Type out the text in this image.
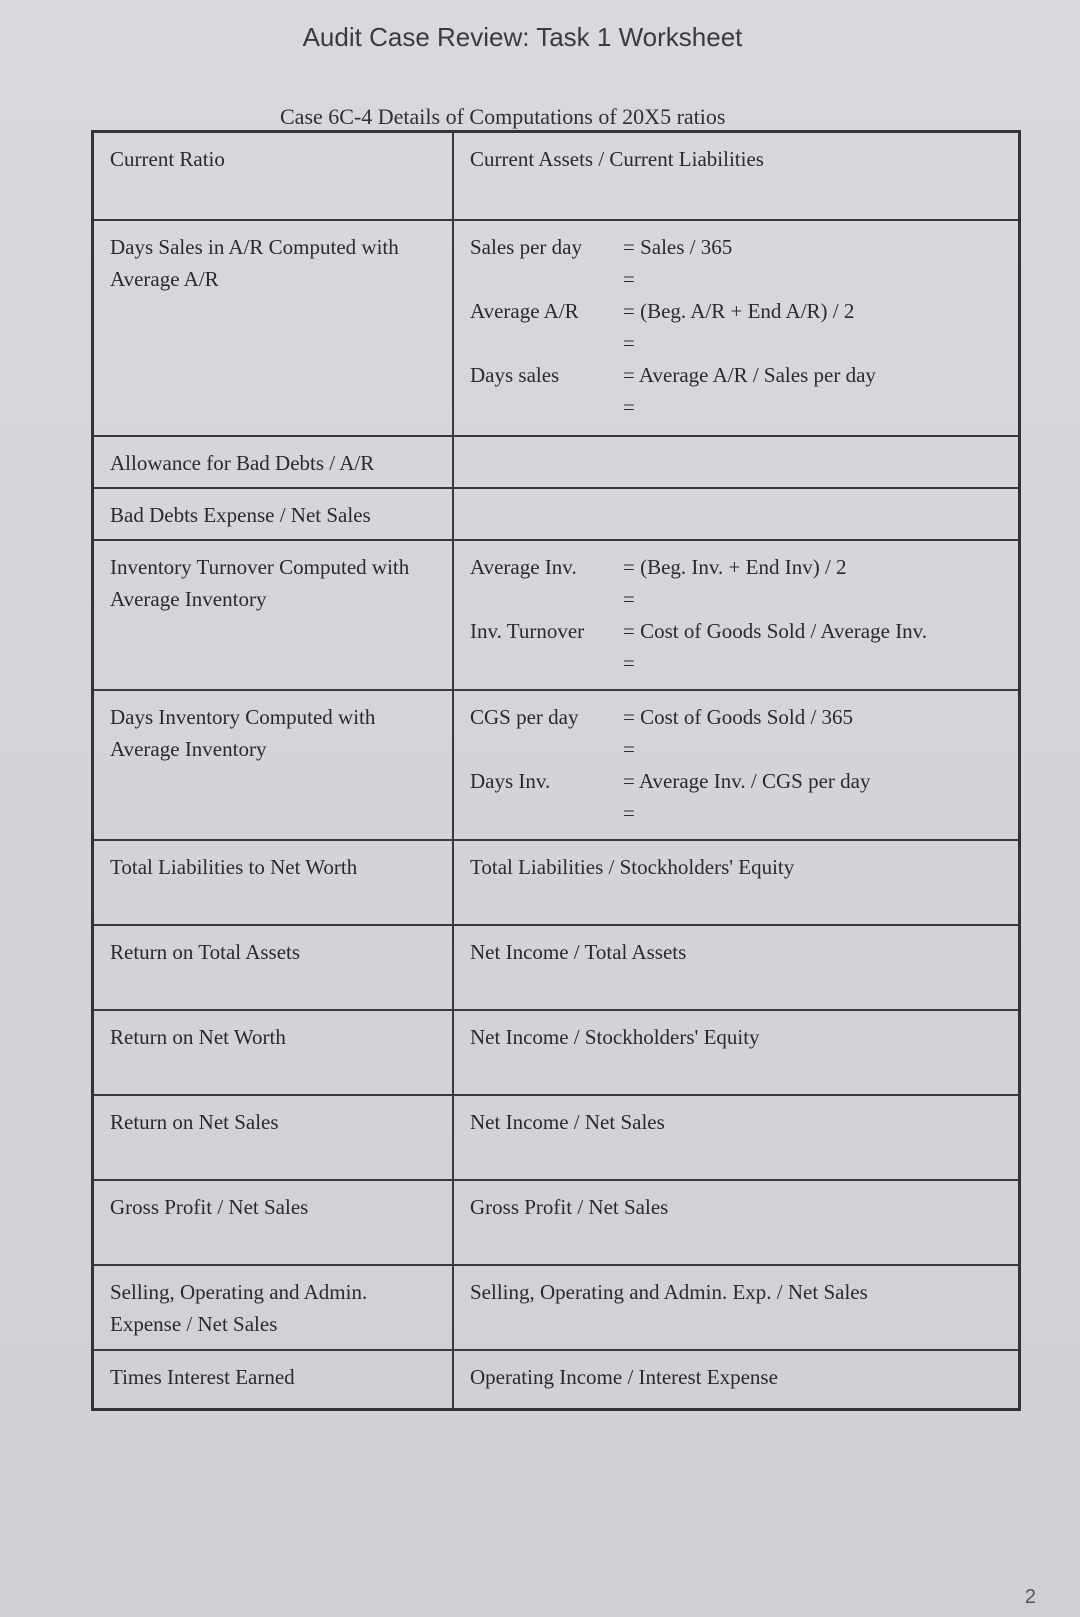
Audit Case Review: Task 1 Worksheet
Case 6C-4 Details of Computations of 20X5 ratios
Current Ratio	Current Assets / Current Liabilities
Days Sales in A/R Computed with Average A/R	
Sales per day	= Sales / 365
=
Average A/R	= (Beg. A/R + End A/R) / 2
=
Days sales	= Average A/R / Sales per day
=

Allowance for Bad Debts / A/R	
Bad Debts Expense / Net Sales	
Inventory Turnover Computed with Average Inventory	
Average Inv.	= (Beg. Inv. + End Inv) / 2
=
Inv. Turnover	= Cost of Goods Sold / Average Inv.
=

Days Inventory Computed with Average Inventory	
CGS per day	= Cost of Goods Sold / 365
=
Days Inv.	= Average Inv. / CGS per day
=

Total Liabilities to Net Worth	Total Liabilities / Stockholders' Equity
Return on Total Assets	Net Income / Total Assets
Return on Net Worth	Net Income / Stockholders' Equity
Return on Net Sales	Net Income / Net Sales
Gross Profit / Net Sales	Gross Profit / Net Sales
Selling, Operating and Admin. Expense / Net Sales	Selling, Operating and Admin. Exp. / Net Sales
Times Interest Earned	Operating Income / Interest Expense
2
